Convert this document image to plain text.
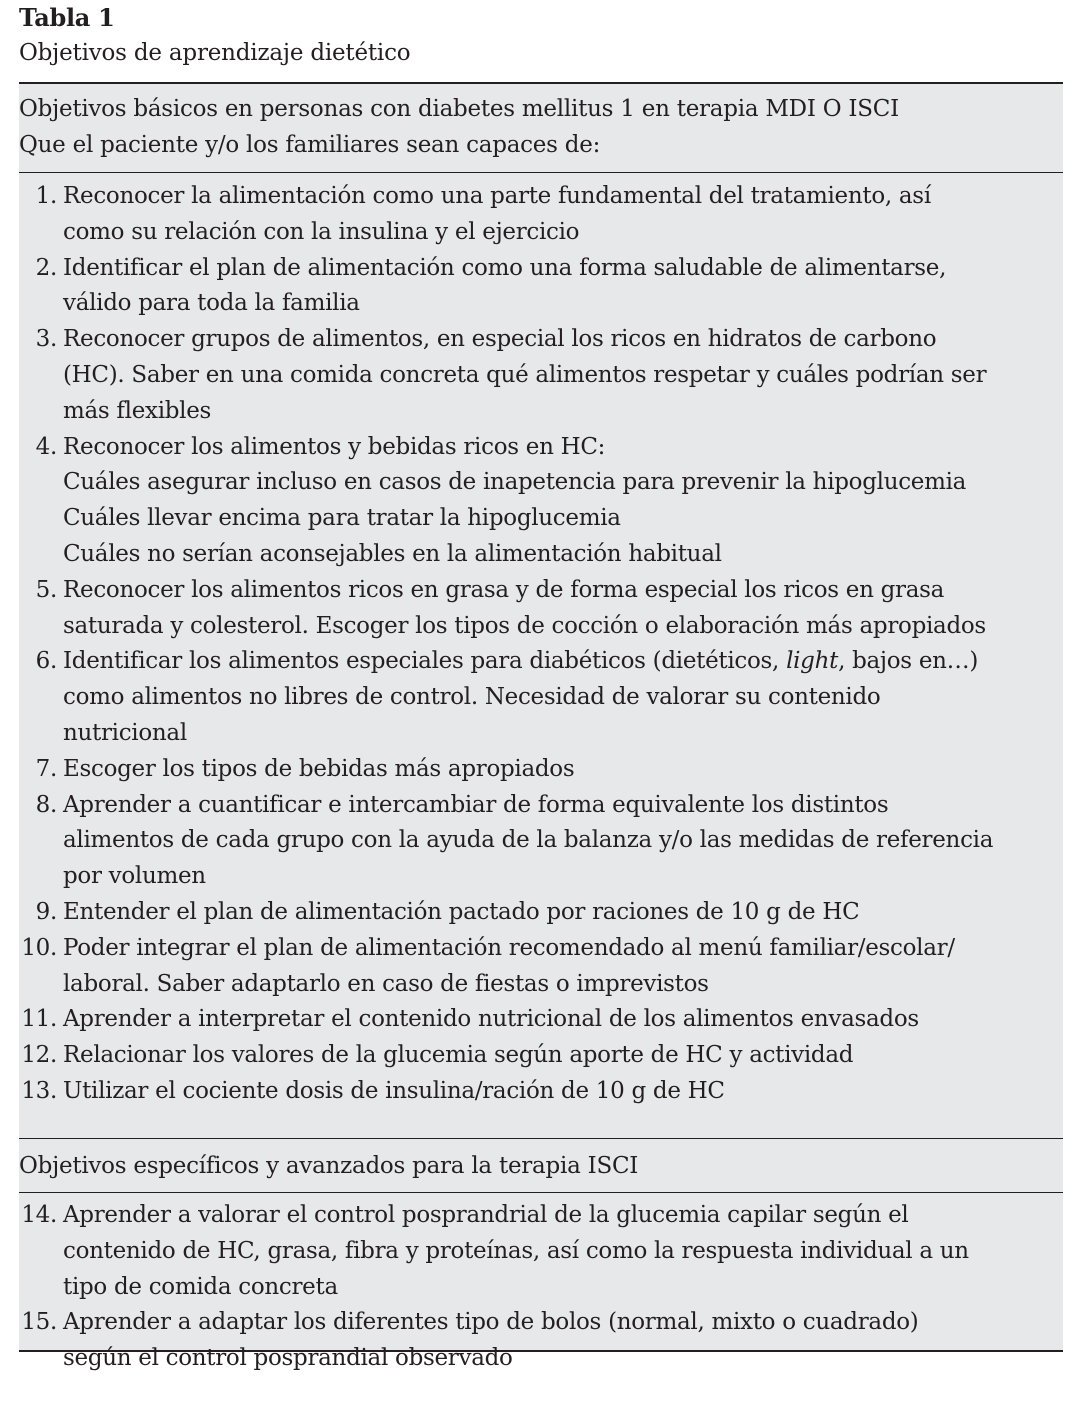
Tabla 1
Objetivos de aprendizaje dietético
Objetivos básicos en personas con diabetes mellitus 1 en terapia MDI O ISCI
Que el paciente y/o los familiares sean capaces de:
1. Reconocer la alimentación como una parte fundamental del tratamiento, así
como su relación con la insulina y el ejercicio
2. Identificar el plan de alimentación como una forma saludable de alimentarse,
válido para toda la familia
3. Reconocer grupos de alimentos, en especial los ricos en hidratos de carbono
(HC). Saber en una comida concreta qué alimentos respetar y cuáles podrían ser
más flexibles
4. Reconocer los alimentos y bebidas ricos en HC:
Cuáles asegurar incluso en casos de inapetencia para prevenir la hipoglucemia
Cuáles llevar encima para tratar la hipoglucemia
Cuáles no serían aconsejables en la alimentación habitual
5. Reconocer los alimentos ricos en grasa y de forma especial los ricos en grasa
saturada y colesterol. Escoger los tipos de cocción o elaboración más apropiados
6. Identificar los alimentos especiales para diabéticos (dietéticos, light, bajos en…)
como alimentos no libres de control. Necesidad de valorar su contenido
nutricional
7. Escoger los tipos de bebidas más apropiados
8. Aprender a cuantificar e intercambiar de forma equivalente los distintos
alimentos de cada grupo con la ayuda de la balanza y/o las medidas de referencia
por volumen
9. Entender el plan de alimentación pactado por raciones de 10 g de HC
10. Poder integrar el plan de alimentación recomendado al menú familiar/escolar/
laboral. Saber adaptarlo en caso de fiestas o imprevistos
11. Aprender a interpretar el contenido nutricional de los alimentos envasados
12. Relacionar los valores de la glucemia según aporte de HC y actividad
13. Utilizar el cociente dosis de insulina/ración de 10 g de HC
Objetivos específicos y avanzados para la terapia ISCI
14. Aprender a valorar el control posprandrial de la glucemia capilar según el
contenido de HC, grasa, fibra y proteínas, así como la respuesta individual a un
tipo de comida concreta
15. Aprender a adaptar los diferentes tipo de bolos (normal, mixto o cuadrado)
según el control posprandial observado
